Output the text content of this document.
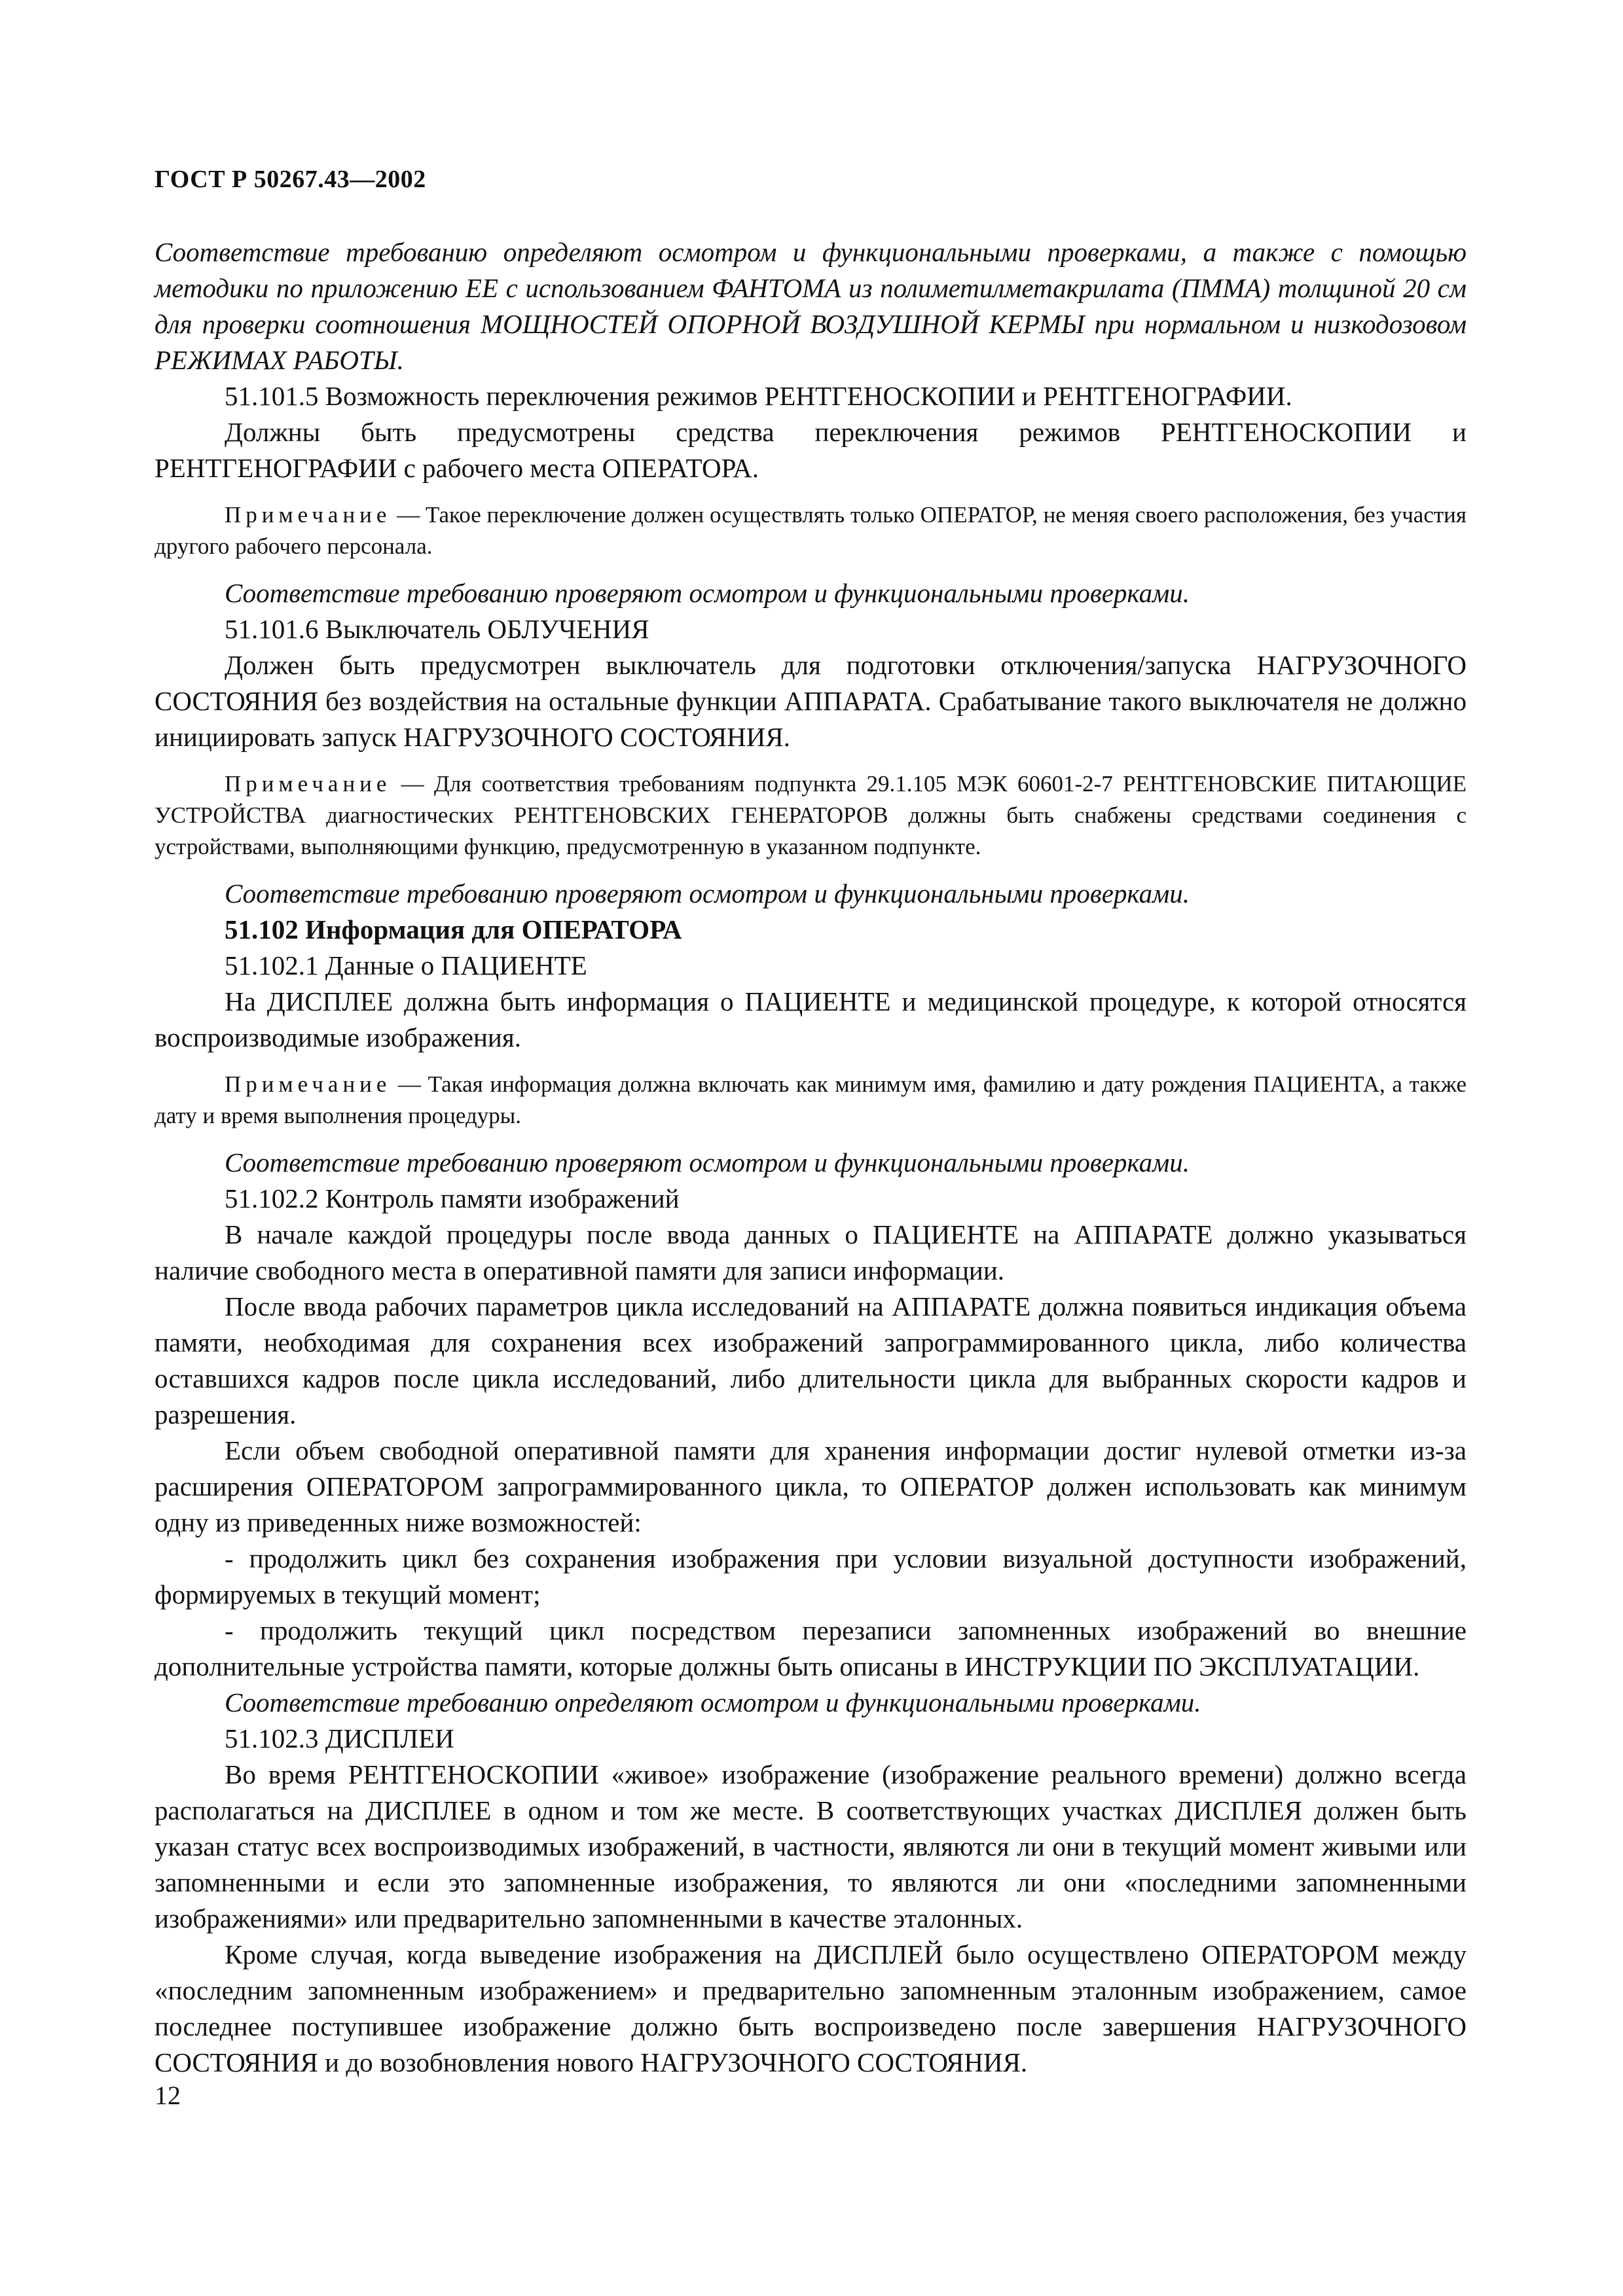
ГОСТ Р 50267.43—2002

Соответствие требованию определяют осмотром и функциональными проверками, а также с помощью методики по приложению ЕЕ с использованием ФАНТОМА из полиметилметакрилата (ПММА) толщиной 20 см для проверки соотношения МОЩНОСТЕЙ ОПОРНОЙ ВОЗДУШНОЙ КЕРМЫ при нормальном и низкодозовом РЕЖИМАХ РАБОТЫ.

51.101.5 Возможность переключения режимов РЕНТГЕНОСКОПИИ и РЕНТГЕНОГРАФИИ.

Должны быть предусмотрены средства переключения режимов РЕНТГЕНОСКОПИИ и РЕНТГЕНОГРАФИИ с рабочего места ОПЕРАТОРА.

Примечание — Такое переключение должен осуществлять только ОПЕРАТОР, не меняя своего расположения, без участия другого рабочего персонала.

Соответствие требованию проверяют осмотром и функциональными проверками.

51.101.6 Выключатель ОБЛУЧЕНИЯ

Должен быть предусмотрен выключатель для подготовки отключения/запуска НАГРУЗОЧНОГО СОСТОЯНИЯ без воздействия на остальные функции АППАРАТА. Срабатывание такого выключателя не должно инициировать запуск НАГРУЗОЧНОГО СОСТОЯНИЯ.

Примечание — Для соответствия требованиям подпункта 29.1.105 МЭК 60601-2-7 РЕНТГЕНОВСКИЕ ПИТАЮЩИЕ УСТРОЙСТВА диагностических РЕНТГЕНОВСКИХ ГЕНЕРАТОРОВ должны быть снабжены средствами соединения с устройствами, выполняющими функцию, предусмотренную в указанном подпункте.

Соответствие требованию проверяют осмотром и функциональными проверками.

51.102 Информация для ОПЕРАТОРА

51.102.1 Данные о ПАЦИЕНТЕ

На ДИСПЛЕЕ должна быть информация о ПАЦИЕНТЕ и медицинской процедуре, к которой относятся воспроизводимые изображения.

Примечание — Такая информация должна включать как минимум имя, фамилию и дату рождения ПАЦИЕНТА, а также дату и время выполнения процедуры.

Соответствие требованию проверяют осмотром и функциональными проверками.

51.102.2 Контроль памяти изображений

В начале каждой процедуры после ввода данных о ПАЦИЕНТЕ на АППАРАТЕ должно указываться наличие свободного места в оперативной памяти для записи информации.

После ввода рабочих параметров цикла исследований на АППАРАТЕ должна появиться индикация объема памяти, необходимая для сохранения всех изображений запрограммированного цикла, либо количества оставшихся кадров после цикла исследований, либо длительности цикла для выбранных скорости кадров и разрешения.

Если объем свободной оперативной памяти для хранения информации достиг нулевой отметки из-за расширения ОПЕРАТОРОМ запрограммированного цикла, то ОПЕРАТОР должен использовать как минимум одну из приведенных ниже возможностей:

- продолжить цикл без сохранения изображения при условии визуальной доступности изображений, формируемых в текущий момент;

- продолжить текущий цикл посредством перезаписи запомненных изображений во внешние дополнительные устройства памяти, которые должны быть описаны в ИНСТРУКЦИИ ПО ЭКСПЛУАТАЦИИ.

Соответствие требованию определяют осмотром и функциональными проверками.

51.102.3 ДИСПЛЕИ

Во время РЕНТГЕНОСКОПИИ «живое» изображение (изображение реального времени) должно всегда располагаться на ДИСПЛЕЕ в одном и том же месте. В соответствующих участках ДИСПЛЕЯ должен быть указан статус всех воспроизводимых изображений, в частности, являются ли они в текущий момент живыми или запомненными и если это запомненные изображения, то являются ли они «последними запомненными изображениями» или предварительно запомненными в качестве эталонных.

Кроме случая, когда выведение изображения на ДИСПЛЕЙ было осуществлено ОПЕРАТОРОМ между «последним запомненным изображением» и предварительно запомненным эталонным изображением, самое последнее поступившее изображение должно быть воспроизведено после завершения НАГРУЗОЧНОГО СОСТОЯНИЯ и до возобновления нового НАГРУЗОЧНОГО СОСТОЯНИЯ.

12
